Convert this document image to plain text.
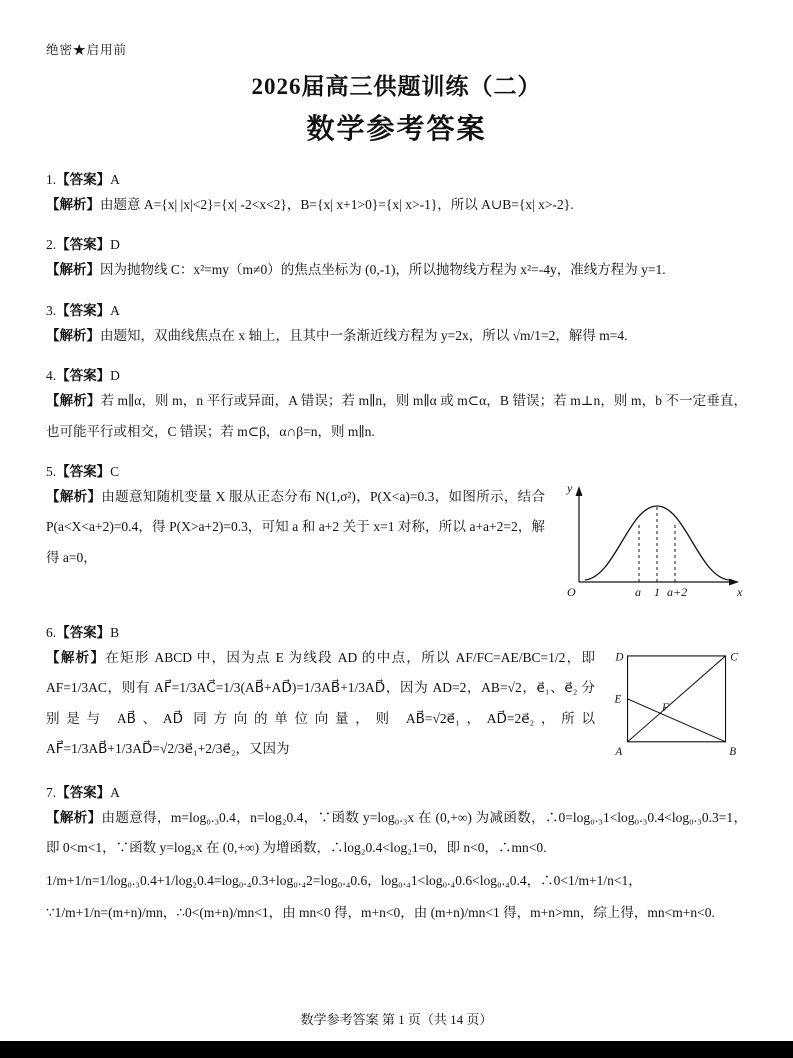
绝密★启用前
2026届高三供题训练（二）
数学参考答案
1.【答案】A

【解析】由题意 A={x| |x|<2}={x| -2<x<2}，B={x| x+1>0}={x| x>-1}，所以 A∪B={x| x>-2}.

2.【答案】D

【解析】因为抛物线 C：x²=my（m≠0）的焦点坐标为 (0,-1)，所以抛物线方程为 x²=-4y，准线方程为 y=1.

3.【答案】A

【解析】由题知，双曲线焦点在 x 轴上，且其中一条渐近线方程为 y=2x，所以 √m/1=2，解得 m=4.

4.【答案】D

【解析】若 m∥α，则 m，n 平行或异面，A 错误；若 m∥n，则 m∥α 或 m⊂α，B 错误；若 m⊥n，则 m，b 不一定垂直，也可能平行或相交，C 错误；若 m⊂β，α∩β=n，则 m∥n.

5.【答案】C
y
O	a 1 a+2	x

【解析】由题意知随机变量 X 服从正态分布 N(1,σ²)，P(X<a)=0.3，如图所示，结合 P(a<X<a+2)=0.4，得 P(X>a+2)=0.3，可知 a 和 a+2 关于 x=1 对称，所以 a+a+2=2，解得 a=0，

6.【答案】B
D	C
E
F
A	B

【解析】在矩形 ABCD 中，因为点 E 为线段 AD 的中点，所以 AF/FC=AE/BC=1/2，即 AF=1/3AC，则有 AF⃗=1/3AC⃗=1/3(AB⃗+AD⃗)=1/3AB⃗+1/3AD⃗，因为 AD=2，AB=√2，e⃗₁、e⃗₂ 分别是与 AB⃗、AD⃗ 同方向的单位向量，则 AB⃗=√2e⃗₁，AD⃗=2e⃗₂，所以 AF⃗=1/3AB⃗+1/3AD⃗=√2/3e⃗₁+2/3e⃗₂，又因为

7.【答案】A

【解析】由题意得，m=log₀.₃0.4，n=log₂0.4，∵函数 y=log₀.₃x 在 (0,+∞) 为减函数，∴0=log₀.₃1<log₀.₃0.4<log₀.₃0.3=1，即 0<m<1，∵函数 y=log₂x 在 (0,+∞) 为增函数，∴log₂0.4<log₂1=0，即 n<0，∴mn<0.

1/m+1/n=1/log₀.₃0.4+1/log₂0.4=log₀.₄0.3+log₀.₄2=log₀.₄0.6，log₀.₄1<log₀.₄0.6<log₀.₄0.4，∴0<1/m+1/n<1，

∵1/m+1/n=(m+n)/mn，∴0<(m+n)/mn<1，由 mn<0 得，m+n<0，由 (m+n)/mn<1 得，m+n>mn，综上得，mn<m+n<0.

数学参考答案 第 1 页（共 14 页）
